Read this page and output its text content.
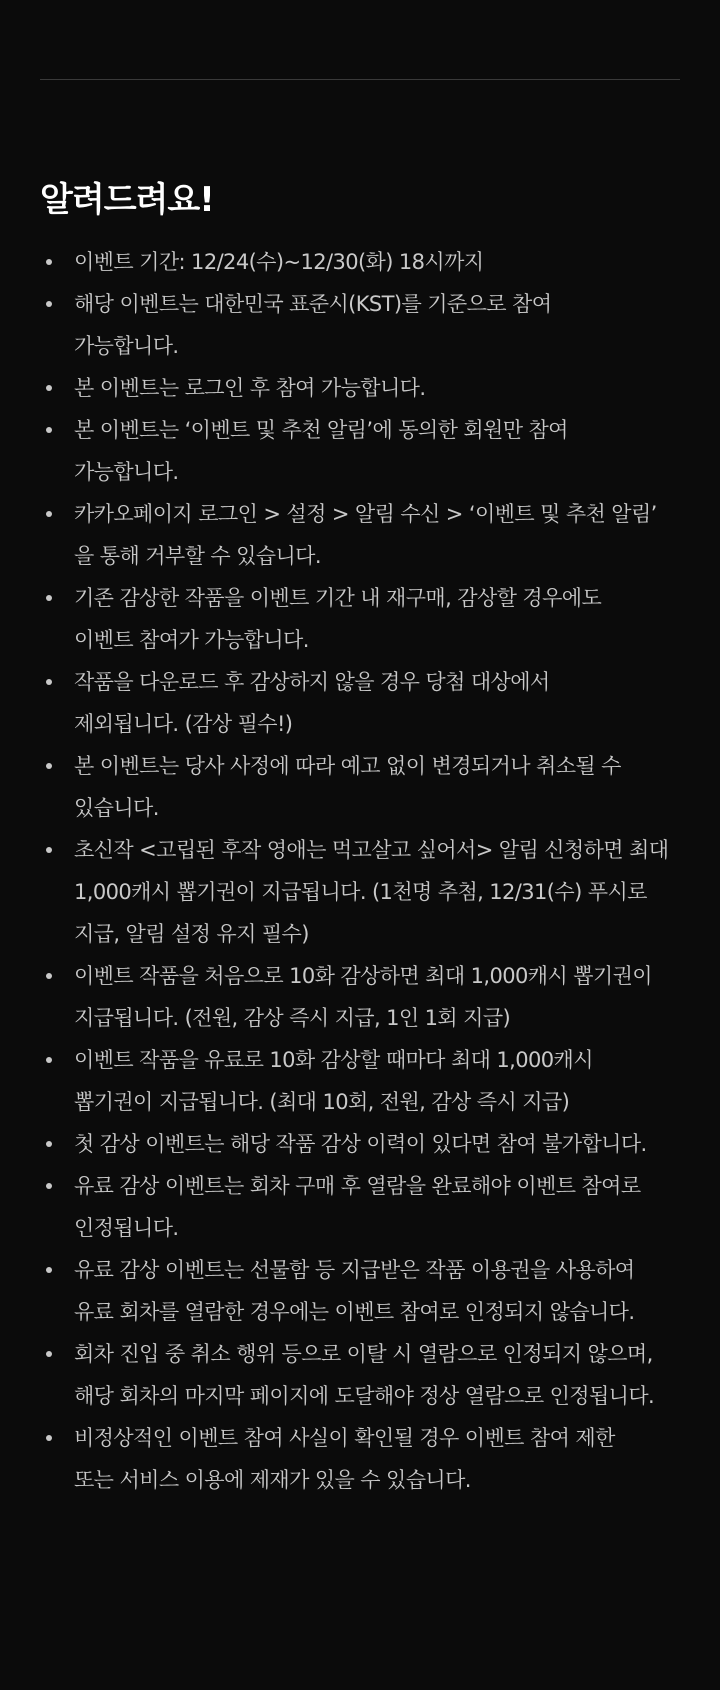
알려드려요!
이벤트 기간: 12/24(수)~12/30(화) 18시까지
해당 이벤트는 대한민국 표준시(KST)를 기준으로 참여
가능합니다.
본 이벤트는 로그인 후 참여 가능합니다.
본 이벤트는 ‘이벤트 및 추천 알림’에 동의한 회원만 참여
가능합니다.
카카오페이지 로그인 > 설정 > 알림 수신 > ‘이벤트 및 추천 알림’
을 통해 거부할 수 있습니다.
기존 감상한 작품을 이벤트 기간 내 재구매, 감상할 경우에도
이벤트 참여가 가능합니다.
작품을 다운로드 후 감상하지 않을 경우 당첨 대상에서
제외됩니다. (감상 필수!)
본 이벤트는 당사 사정에 따라 예고 없이 변경되거나 취소될 수
있습니다.
초신작 <고립된 후작 영애는 먹고살고 싶어서> 알림 신청하면 최대
1,000캐시 뽑기권이 지급됩니다. (1천명 추첨, 12/31(수) 푸시로
지급, 알림 설정 유지 필수)
이벤트 작품을 처음으로 10화 감상하면 최대 1,000캐시 뽑기권이
지급됩니다. (전원, 감상 즉시 지급, 1인 1회 지급)
이벤트 작품을 유료로 10화 감상할 때마다 최대 1,000캐시
뽑기권이 지급됩니다. (최대 10회, 전원, 감상 즉시 지급)
첫 감상 이벤트는 해당 작품 감상 이력이 있다면 참여 불가합니다.
유료 감상 이벤트는 회차 구매 후 열람을 완료해야 이벤트 참여로
인정됩니다.
유료 감상 이벤트는 선물함 등 지급받은 작품 이용권을 사용하여
유료 회차를 열람한 경우에는 이벤트 참여로 인정되지 않습니다.
회차 진입 중 취소 행위 등으로 이탈 시 열람으로 인정되지 않으며,
해당 회차의 마지막 페이지에 도달해야 정상 열람으로 인정됩니다.
비정상적인 이벤트 참여 사실이 확인될 경우 이벤트 참여 제한
또는 서비스 이용에 제재가 있을 수 있습니다.
